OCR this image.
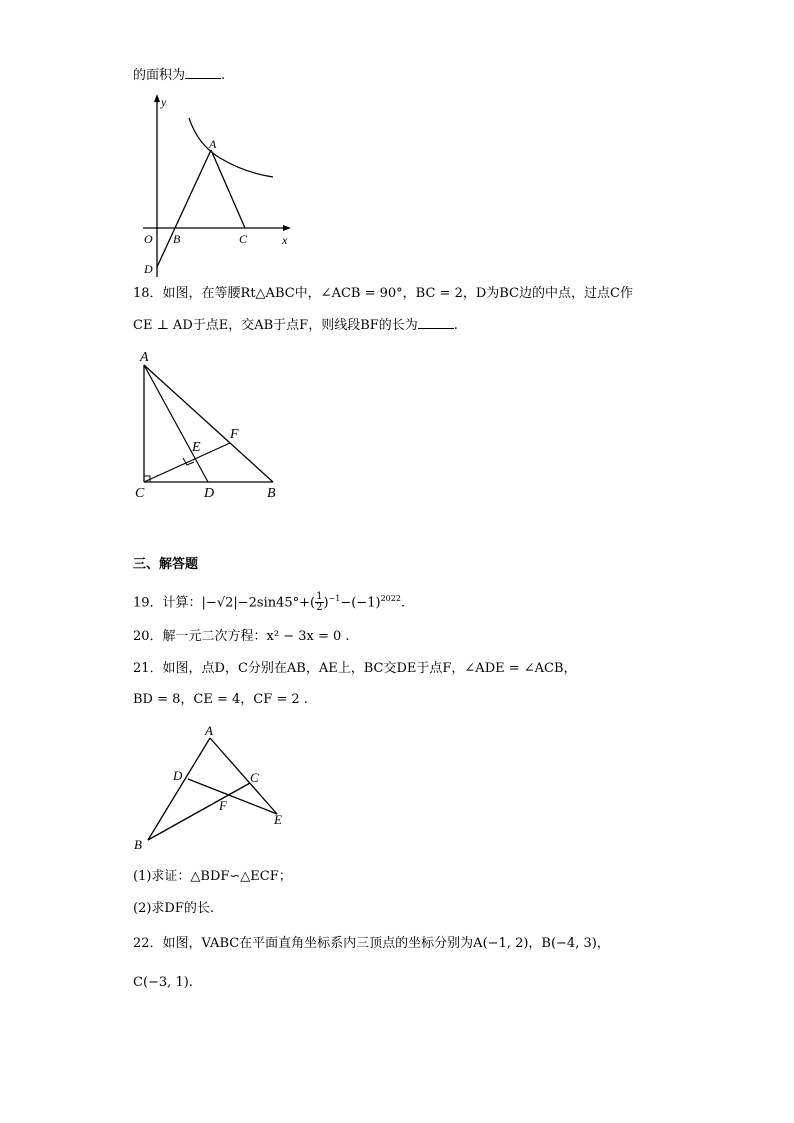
的面积为	.
y
x
O
A
B	C
D
18．如图，在等腰Rt△ABC中，∠ACB = 90°，BC = 2，D为BC边的中点，过点C作
CE ⊥ AD于点E，交AB于点F，则线段BF的长为	.
A
C	D	B
E
F
三、解答题
19．计算：$|-√2|-2\sin 45^\circ+( \frac{1}{2} )^{-1}-(-1)^{2022}$.
20．解一元二次方程：x² − 3x = 0 .
21．如图，点D，C分别在AB，AE上，BC交DE于点F，∠ADE = ∠ACB，
BD = 8，CE = 4，CF = 2 .
A
D	C
F
E
B
(1)求证：△BDF∽△ECF；
(2)求DF的长.
22．如图，VABC在平面直角坐标系内三顶点的坐标分别为A(−1, 2)，B(−4, 3)，
C(−3, 1).
